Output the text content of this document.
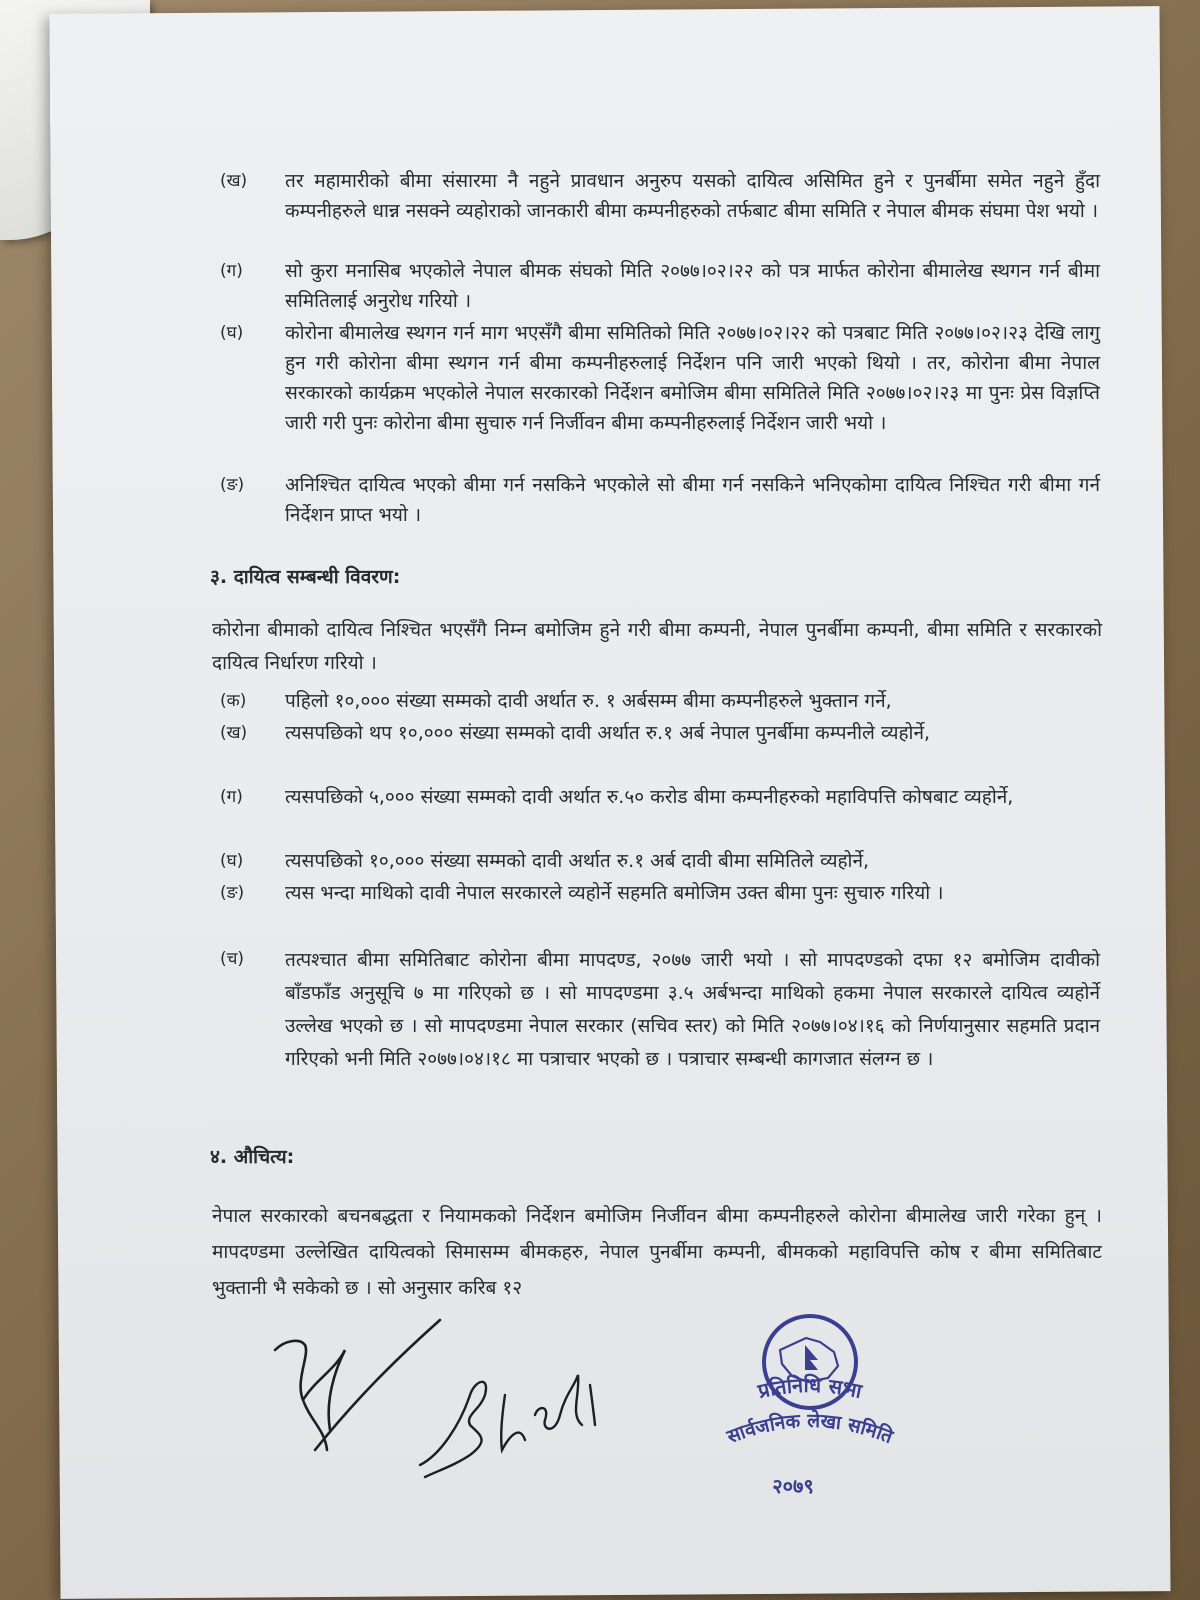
(ख)	तर महामारीको बीमा संसारमा नै नहुने प्रावधान अनुरुप यसको दायित्व असिमित हुने र पुनर्बीमा समेत नहुने हुँदा कम्पनीहरुले धान्न नसक्ने व्यहोराको जानकारी बीमा कम्पनीहरुको तर्फबाट बीमा समिति र नेपाल बीमक संघमा पेश भयो ।
(ग)	सो कुरा मनासिब भएकोले नेपाल बीमक संघको मिति २०७७।०२।२२ को पत्र मार्फत कोरोना बीमालेख स्थगन गर्न बीमा समितिलाई अनुरोध गरियो ।
(घ)	कोरोना बीमालेख स्थगन गर्न माग भएसँगै बीमा समितिको मिति २०७७।०२।२२ को पत्रबाट मिति २०७७।०२।२३ देखि लागु हुन गरी कोरोना बीमा स्थगन गर्न बीमा कम्पनीहरुलाई निर्देशन पनि जारी भएको थियो । तर, कोरोना बीमा नेपाल सरकारको कार्यक्रम भएकोले नेपाल सरकारको निर्देशन बमोजिम बीमा समितिले मिति २०७७।०२।२३ मा पुनः प्रेस विज्ञप्ति जारी गरी पुनः कोरोना बीमा सुचारु गर्न निर्जीवन बीमा कम्पनीहरुलाई निर्देशन जारी भयो ।
(ङ)	अनिश्चित दायित्व भएको बीमा गर्न नसकिने भएकोले सो बीमा गर्न नसकिने भनिएकोमा दायित्व निश्चित गरी बीमा गर्न निर्देशन प्राप्त भयो ।
३. दायित्व सम्बन्धी विवरण:
कोरोना बीमाको दायित्व निश्चित भएसँगै निम्न बमोजिम हुने गरी बीमा कम्पनी, नेपाल पुनर्बीमा कम्पनी, बीमा समिति र सरकारको दायित्व निर्धारण गरियो ।
(क)	पहिलो १०,००० संख्या सम्मको दावी अर्थात रु. १ अर्बसम्म बीमा कम्पनीहरुले भुक्तान गर्ने,
(ख)	त्यसपछिको थप १०,००० संख्या सम्मको दावी अर्थात रु.१ अर्ब नेपाल पुनर्बीमा कम्पनीले व्यहोर्ने,
(ग)	त्यसपछिको ५,००० संख्या सम्मको दावी अर्थात रु.५० करोड बीमा कम्पनीहरुको महाविपत्ति कोषबाट व्यहोर्ने,
(घ)	त्यसपछिको १०,००० संख्या सम्मको दावी अर्थात रु.१ अर्ब दावी बीमा समितिले व्यहोर्ने,
(ङ)	त्यस भन्दा माथिको दावी नेपाल सरकारले व्यहोर्ने सहमति बमोजिम उक्त बीमा पुनः सुचारु गरियो ।
(च)	तत्पश्चात बीमा समितिबाट कोरोना बीमा मापदण्ड, २०७७ जारी भयो । सो मापदण्डको दफा १२ बमोजिम दावीको बाँडफाँड अनुसूचि ७ मा गरिएको छ । सो मापदण्डमा ३.५ अर्बभन्दा माथिको हकमा नेपाल सरकारले दायित्व व्यहोर्ने उल्लेख भएको छ । सो मापदण्डमा नेपाल सरकार (सचिव स्तर) को मिति २०७७।०४।१६ को निर्णयानुसार सहमति प्रदान गरिएको भनी मिति २०७७।०४।१८ मा पत्राचार भएको छ । पत्राचार सम्बन्धी कागजात संलग्न छ ।
४. औचित्य:
नेपाल सरकारको बचनबद्धता र नियामकको निर्देशन बमोजिम निर्जीवन बीमा कम्पनीहरुले कोरोना बीमालेख जारी गरेका हुन् । मापदण्डमा उल्लेखित दायित्वको सिमासम्म बीमकहरु, नेपाल पुनर्बीमा कम्पनी, बीमकको महाविपत्ति कोष र बीमा समितिबाट भुक्तानी भै सकेको छ । सो अनुसार करिब १२
प्रतिनिधि सभा
सार्वजनिक लेखा समिति
२०७९
